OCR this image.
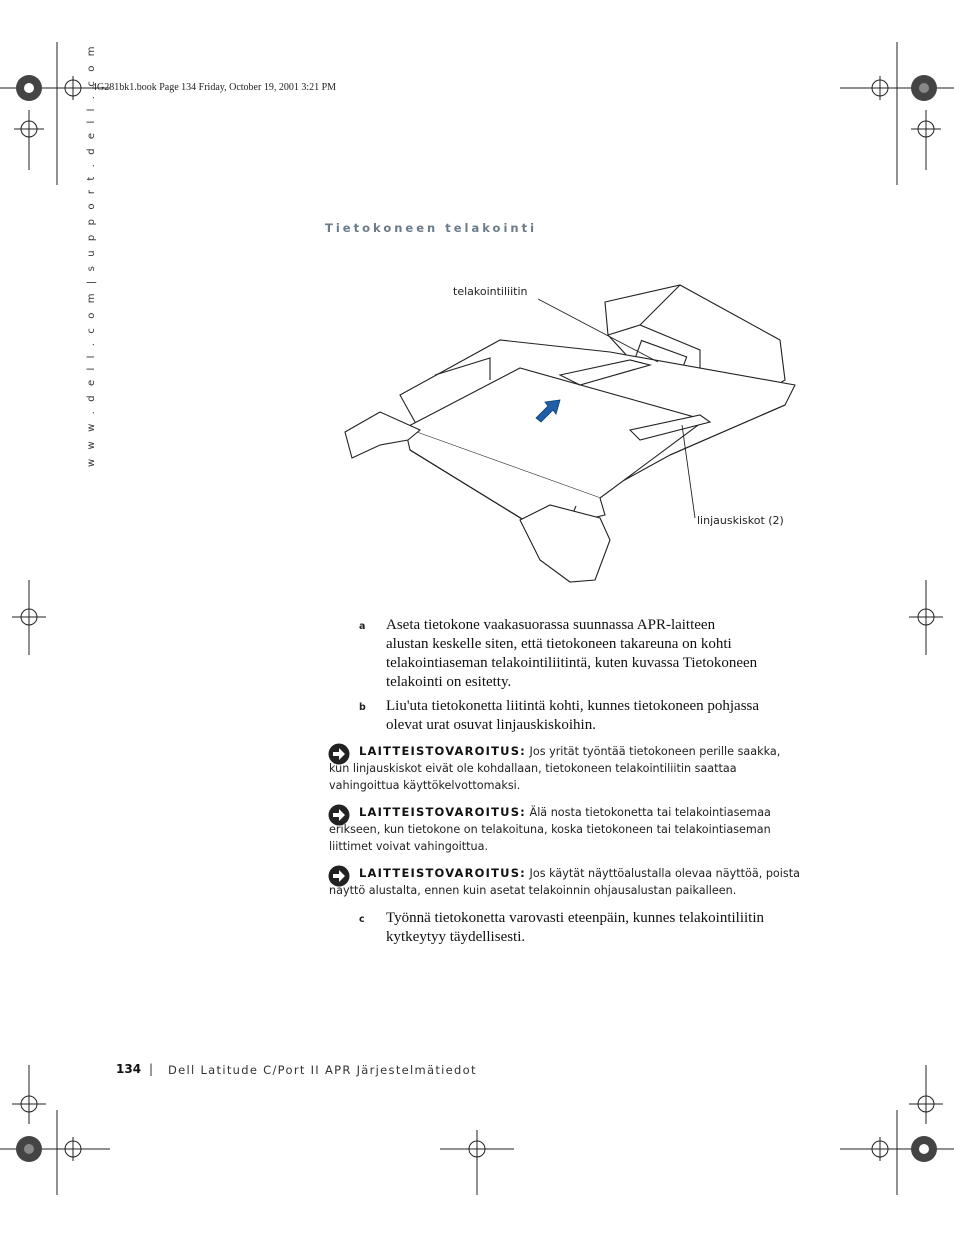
4G281bk1.book Page 134 Friday, October 19, 2001 3:21 PM
w w w . d e l l . c o m | s u p p o r t . d e l l . c o m	Tietokoneen telakointi
telakointiliitin
linjauskiskot (2)
a Aseta tietokone vaakasuorassa suunnassa APR-laitteen
alustan keskelle siten, että tietokoneen takareuna on kohti
telakointiaseman telakointiliitintä, kuten kuvassa Tietokoneen
telakointi on esitetty.
b Liu'uta tietokonetta liitintä kohti, kunnes tietokoneen pohjassa
olevat urat osuvat linjauskiskoihin.
LAITTEISTOVAROITUS: Jos yrität työntää tietokoneen perille saakka,
kun linjauskiskot eivät ole kohdallaan, tietokoneen telakointiliitin saattaa
vahingoittua käyttökelvottomaksi.
LAITTEISTOVAROITUS: Älä nosta tietokonetta tai telakointiasemaa
erikseen, kun tietokone on telakoituna, koska tietokoneen tai telakointiaseman
liittimet voivat vahingoittua.
LAITTEISTOVAROITUS: Jos käytät näyttöalustalla olevaa näyttöä, poista
näyttö alustalta, ennen kuin asetat telakoinnin ohjausalustan paikalleen.
c Työnnä tietokonetta varovasti eteenpäin, kunnes telakointiliitin
kytkeytyy täydellisesti.
134 | Dell Latitude C/Port II APR Järjestelmätiedot
